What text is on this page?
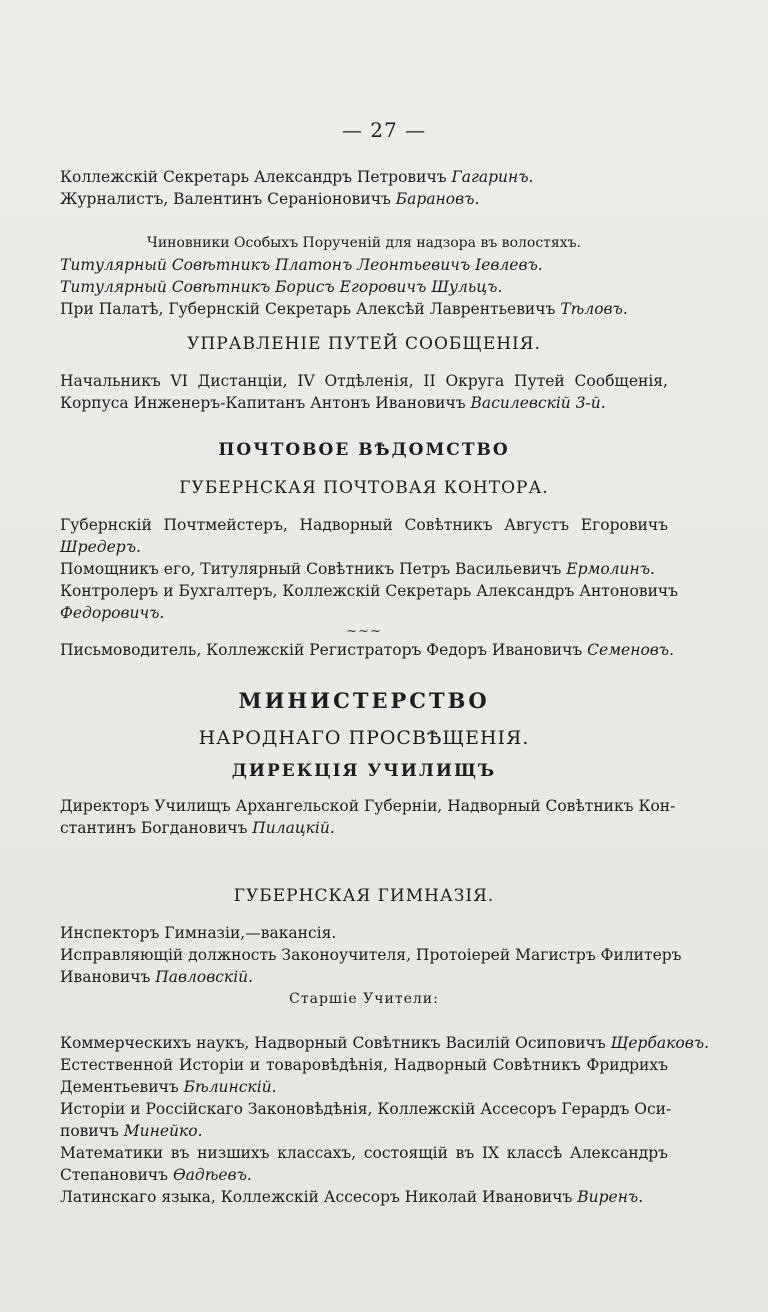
— 27 —
Коллежскій Секретарь Александръ Петровичъ Гагаринъ.
Журналистъ, Валентинъ Сераніоновичъ Барановъ.
Чиновники Особыхъ Порученій для надзора въ волостяхъ.
Титулярный Совѣтникъ Платонъ Леонтьевичъ Іевлевъ.
Титулярный Совѣтникъ Борисъ Егоровичъ Шульцъ.
При Палатѣ, Губернскій Секретарь Алексѣй Лаврентьевичъ Тѣловъ.
УПРАВЛЕНІЕ ПУТЕЙ СООБЩЕНІЯ.
Начальникъ VI Дистанціи, IV Отдѣленія, II Округа Путей Сообщенія,
Корпуса Инженеръ-Капитанъ Антонъ Ивановичъ Василевскій 3-й.
ПОЧТОВОЕ ВѢДОМСТВО
ГУБЕРНСКАЯ ПОЧТОВАЯ КОНТОРА.
Губернскій Почтмейстеръ, Надворный Совѣтникъ Августъ Егоровичъ
Шредеръ.
Помощникъ его, Титулярный Совѣтникъ Петръ Васильевичъ Ермолинъ.
Контролеръ и Бухгалтеръ, Коллежскій Секретарь Александръ Антоновичъ
Федоровичъ.
~~~
Письмоводитель, Коллежскій Регистраторъ Федоръ Ивановичъ Семеновъ.
МИНИСТЕРСТВО
НАРОДНАГО ПРОСВѢЩЕНІЯ.
ДИРЕКЦІЯ УЧИЛИЩЪ
Директоръ Училищъ Архангельской Губерніи, Надворный Совѣтникъ Кон-
стантинъ Богдановичъ Пилацкій.
ГУБЕРНСКАЯ ГИМНАЗІЯ.
Инспекторъ Гимназіи,—вакансія.
Исправляющій должность Законоучителя, Протоіерей Магистръ Филитеръ
Ивановичъ Павловскій.
Старшіе Учители:
Коммерческихъ наукъ, Надворный Совѣтникъ Василій Осиповичъ Щербаковъ.
Естественной Исторіи и товаровѣдѣнія, Надворный Совѣтникъ Фридрихъ
Дементьевичъ Бѣлинскій.
Исторіи и Россійскаго Законовѣдѣнія, Коллежскій Ассесоръ Герардъ Оси-
повичъ Минейко.
Математики въ низшихъ классахъ, состоящій въ IX классѣ Александръ
Степановичъ Өадѣевъ.
Латинскаго языка, Коллежскій Ассесоръ Николай Ивановичъ Виренъ.
